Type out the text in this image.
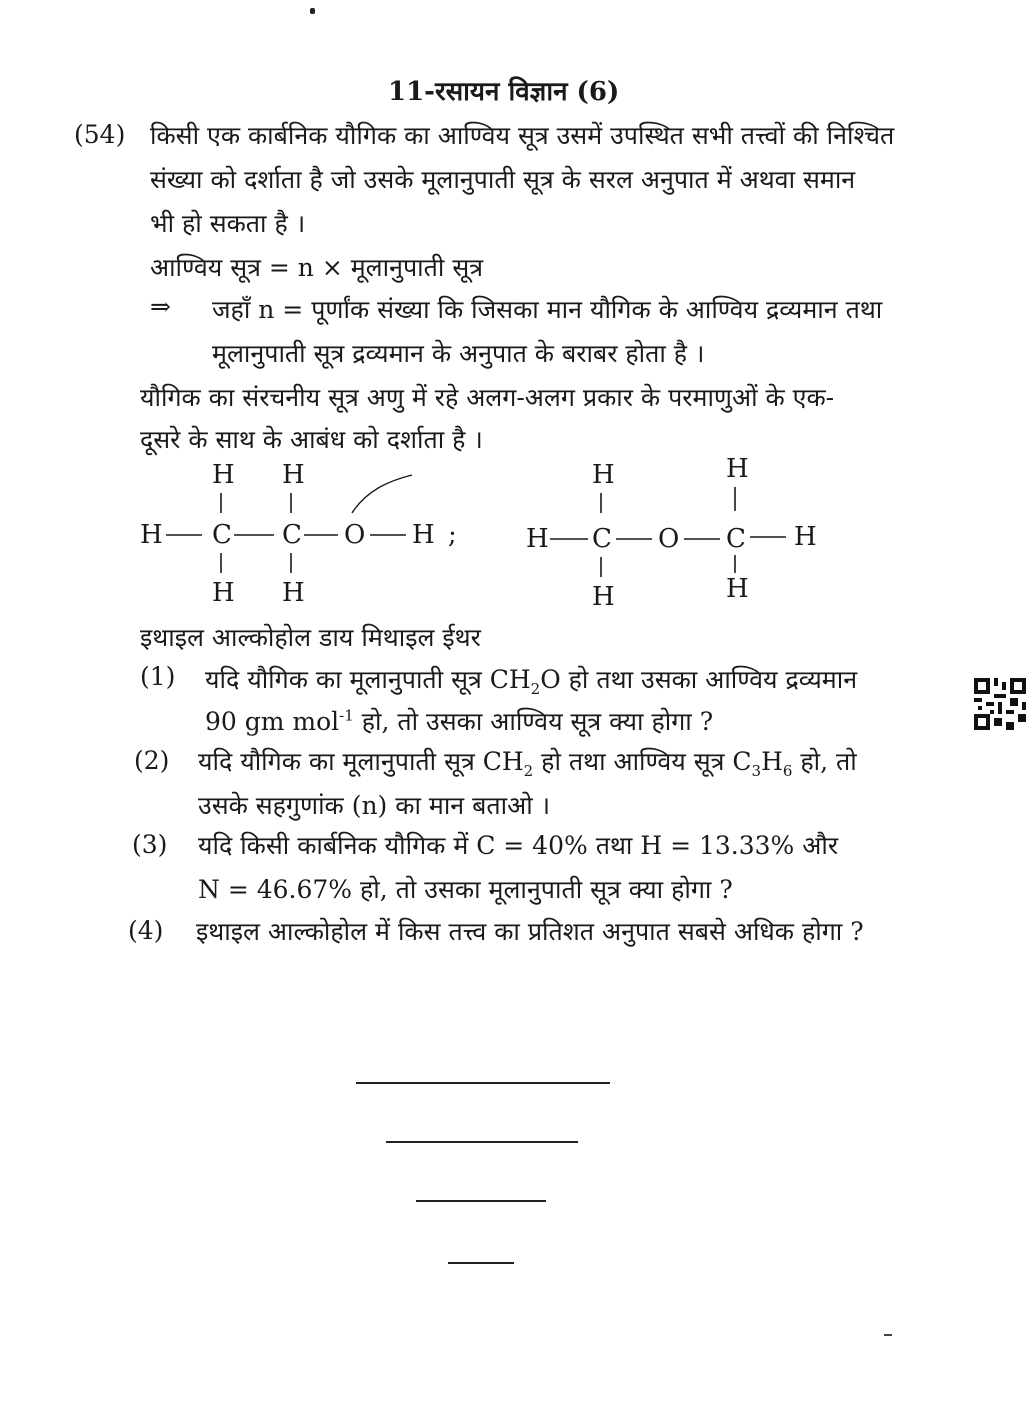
11-रसायन विज्ञान (6)
(54) किसी एक कार्बनिक यौगिक का आण्विय सूत्र उसमें उपस्थित सभी तत्त्वों की निश्चित
संख्या को दर्शाता है जो उसके मूलानुपाती सूत्र के सरल अनुपात में अथवा समान
भी हो सकता है ।
आण्विय सूत्र = n × मूलानुपाती सूत्र
⇒ जहाँ n = पूर्णांक संख्या कि जिसका मान यौगिक के आण्विय द्रव्यमान तथा
मूलानुपाती सूत्र द्रव्यमान के अनुपात के बराबर होता है ।
यौगिक का संरचनीय सूत्र अणु में रहे अलग-अलग प्रकार के परमाणुओं के एक-
दूसरे के साथ के आबंध को दर्शाता है ।
H H
H C C O H ;
H H
H	H
H C O C H
H	H
इथाइल आल्कोहोल डाय मिथाइल ईथर
(1) यदि यौगिक का मूलानुपाती सूत्र $CH_2O$ हो तथा उसका आण्विय द्रव्यमान
90 gm mol$^{-1}$ हो, तो उसका आण्विय सूत्र क्या होगा ?
(2) यदि यौगिक का मूलानुपाती सूत्र $CH_2$ हो तथा आण्विय सूत्र $C_3H_6$ हो, तो
उसके सहगुणांक (n) का मान बताओ ।
(3) यदि किसी कार्बनिक यौगिक में C = 40% तथा H = 13.33% और
N = 46.67% हो, तो उसका मूलानुपाती सूत्र क्या होगा ?
(4) इथाइल आल्कोहोल में किस तत्त्व का प्रतिशत अनुपात सबसे अधिक होगा ?
